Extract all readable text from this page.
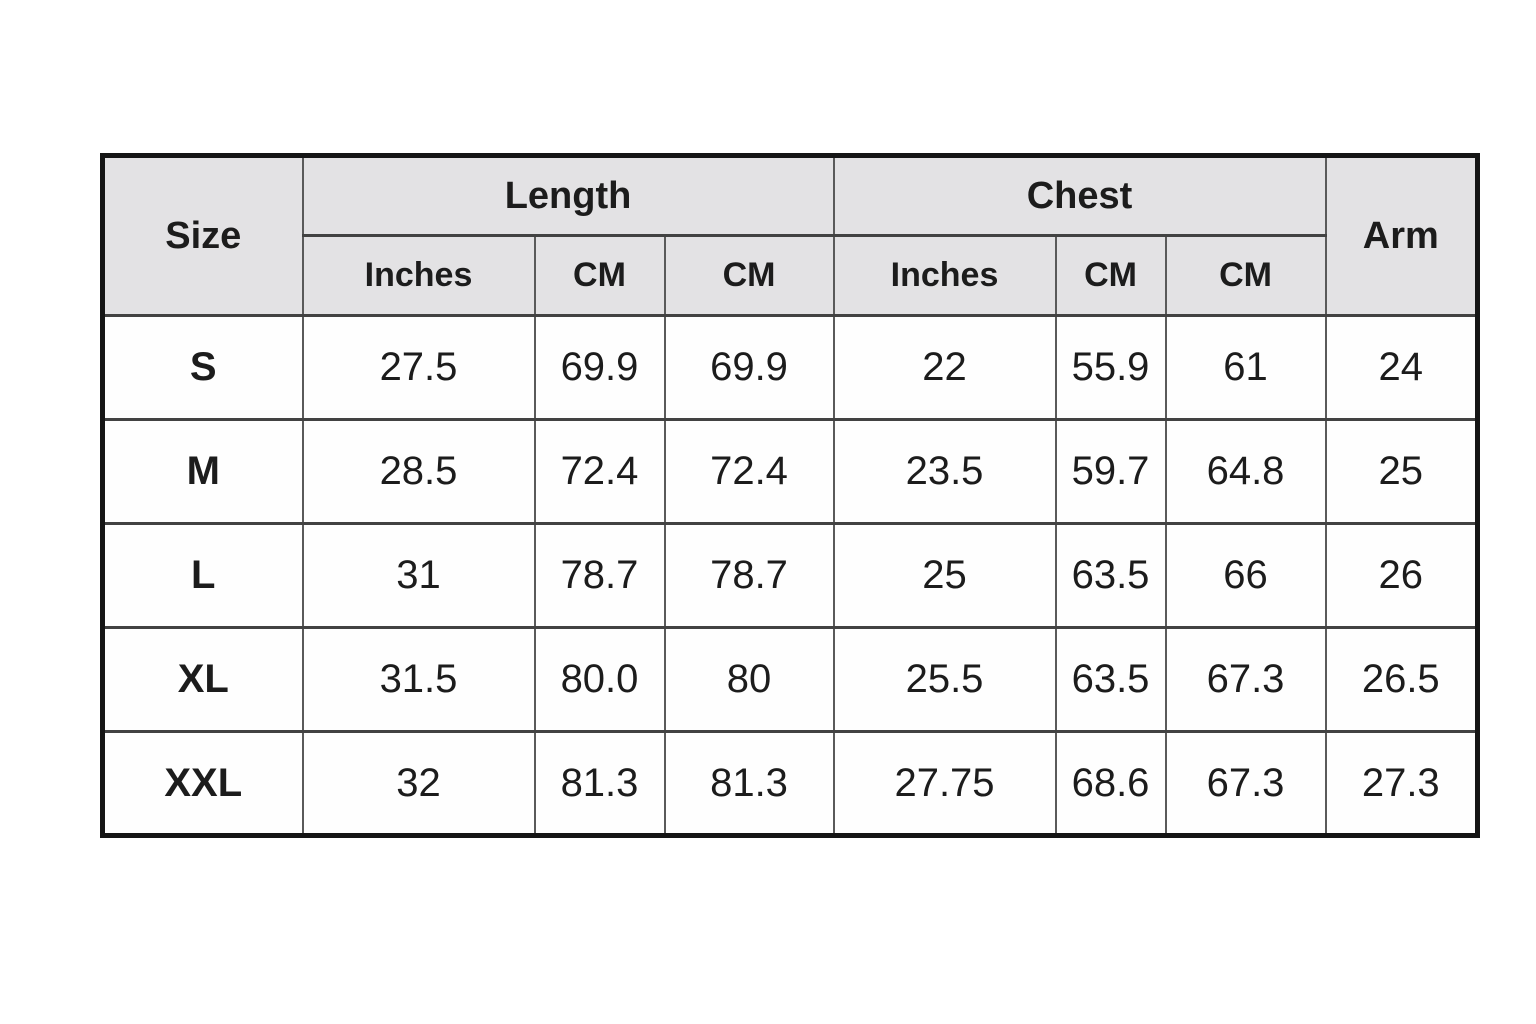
Size	Length			Chest			Arm
	Inches	CM	CM	Inches	CM	CM	
S	27.5	69.9	69.9	22	55.9	61	24
M	28.5	72.4	72.4	23.5	59.7	64.8	25
L	31	78.7	78.7	25	63.5	66	26
XL	31.5	80.0	80	25.5	63.5	67.3	26.5
XXL	32	81.3	81.3	27.75	68.6	67.3	27.3
